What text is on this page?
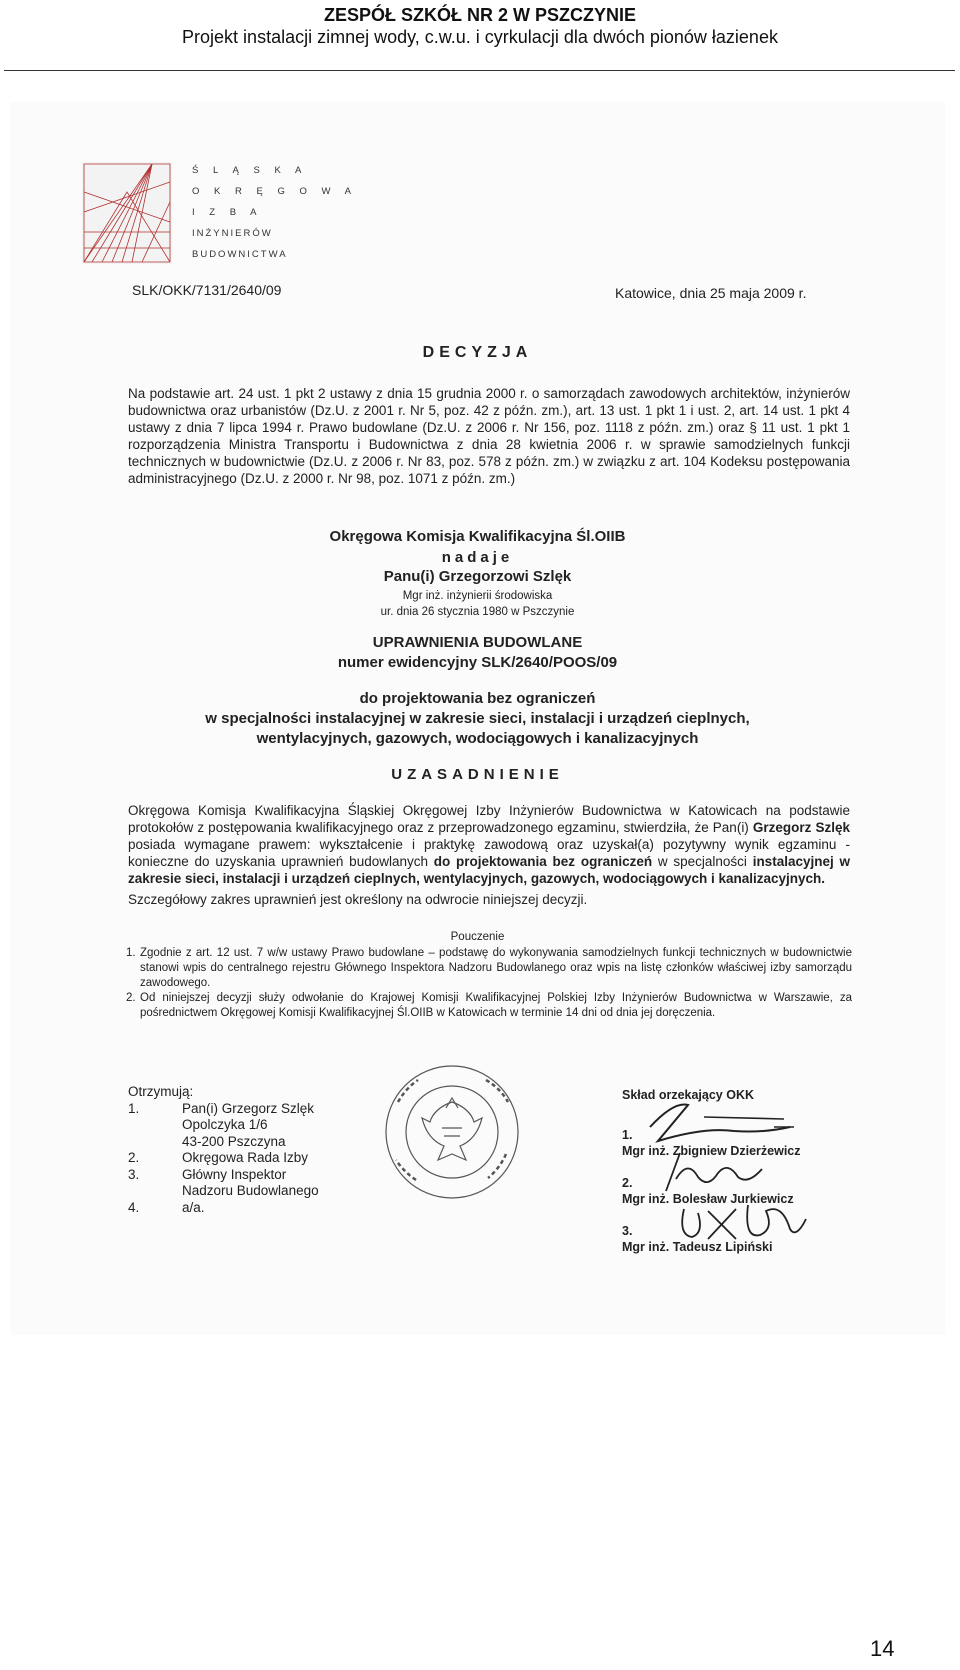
ZESPÓŁ SZKÓŁ NR 2 W PSZCZYNIE
Projekt instalacji zimnej wody, c.w.u. i cyrkulacji dla dwóch pionów łazienek
Ś L Ą S K A
O K R Ę G O W A
I Z B A
INŻYNIERÓW
BUDOWNICTWA
SLK/OKK/7131/2640/09	Katowice, dnia 25 maja 2009 r.
DECYZJA
Na podstawie art. 24 ust. 1 pkt 2 ustawy z dnia 15 grudnia 2000 r. o samorządach zawodowych architektów, inżynierów budownictwa oraz urbanistów (Dz.U. z 2001 r. Nr 5, poz. 42 z późn. zm.), art. 13 ust. 1 pkt 1 i ust. 2, art. 14 ust. 1 pkt 4 ustawy z dnia 7 lipca 1994 r. Prawo budowlane (Dz.U. z 2006 r. Nr 156, poz. 1118 z późn. zm.) oraz § 11 ust. 1 pkt 1 rozporządzenia Ministra Transportu i Budownictwa z dnia 28 kwietnia 2006 r. w sprawie samodzielnych funkcji technicznych w budownictwie (Dz.U. z 2006 r. Nr 83, poz. 578 z późn. zm.) w związku z art. 104 Kodeksu postępowania administracyjnego (Dz.U. z 2000 r. Nr 98, poz. 1071 z późn. zm.)
Okręgowa Komisja Kwalifikacyjna Śl.OIIB
nadaje
Panu(i) Grzegorzowi Szlęk
Mgr inż. inżynierii środowiska
ur. dnia 26 stycznia 1980 w Pszczynie
UPRAWNIENIA BUDOWLANE
numer ewidencyjny SLK/2640/POOS/09
do projektowania bez ograniczeń
w specjalności instalacyjnej w zakresie sieci, instalacji i urządzeń cieplnych,
wentylacyjnych, gazowych, wodociągowych i kanalizacyjnych
UZASADNIENIE
Okręgowa Komisja Kwalifikacyjna Śląskiej Okręgowej Izby Inżynierów Budownictwa w Katowicach na podstawie protokołów z postępowania kwalifikacyjnego oraz z przeprowadzonego egzaminu, stwierdziła, że Pan(i) Grzegorz Szlęk posiada wymagane prawem: wykształcenie i praktykę zawodową oraz uzyskał(a) pozytywny wynik egzaminu - konieczne do uzyskania uprawnień budowlanych do projektowania bez ograniczeń w specjalności instalacyjnej w zakresie sieci, instalacji i urządzeń cieplnych, wentylacyjnych, gazowych, wodociągowych i kanalizacyjnych.
Szczegółowy zakres uprawnień jest określony na odwrocie niniejszej decyzji.
Pouczenie
1. Zgodnie z art. 12 ust. 7 w/w ustawy Prawo budowlane – podstawę do wykonywania samodzielnych funkcji technicznych w budownictwie stanowi wpis do centralnego rejestru Głównego Inspektora Nadzoru Budowlanego oraz wpis na listę członków właściwej izby samorządu zawodowego.
2. Od niniejszej decyzji służy odwołanie do Krajowej Komisji Kwalifikacyjnej Polskiej Izby Inżynierów Budownictwa w Warszawie, za pośrednictwem Okręgowej Komisji Kwalifikacyjnej Śl.OIIB w Katowicach w terminie 14 dni od dnia jej doręczenia.
Otrzymują:
1.	Pan(i) Grzegorz Szlęk
Opolczyka 1/6
43-200 Pszczyna
2.	Okręgowa Rada Izby
3.	Główny Inspektor
Nadzoru Budowlanego
4.	a/a.
Skład orzekający OKK
1.
Mgr inż. Zbigniew Dzierżewicz
2.
Mgr inż. Bolesław Jurkiewicz
3.
Mgr inż. Tadeusz Lipiński
14
